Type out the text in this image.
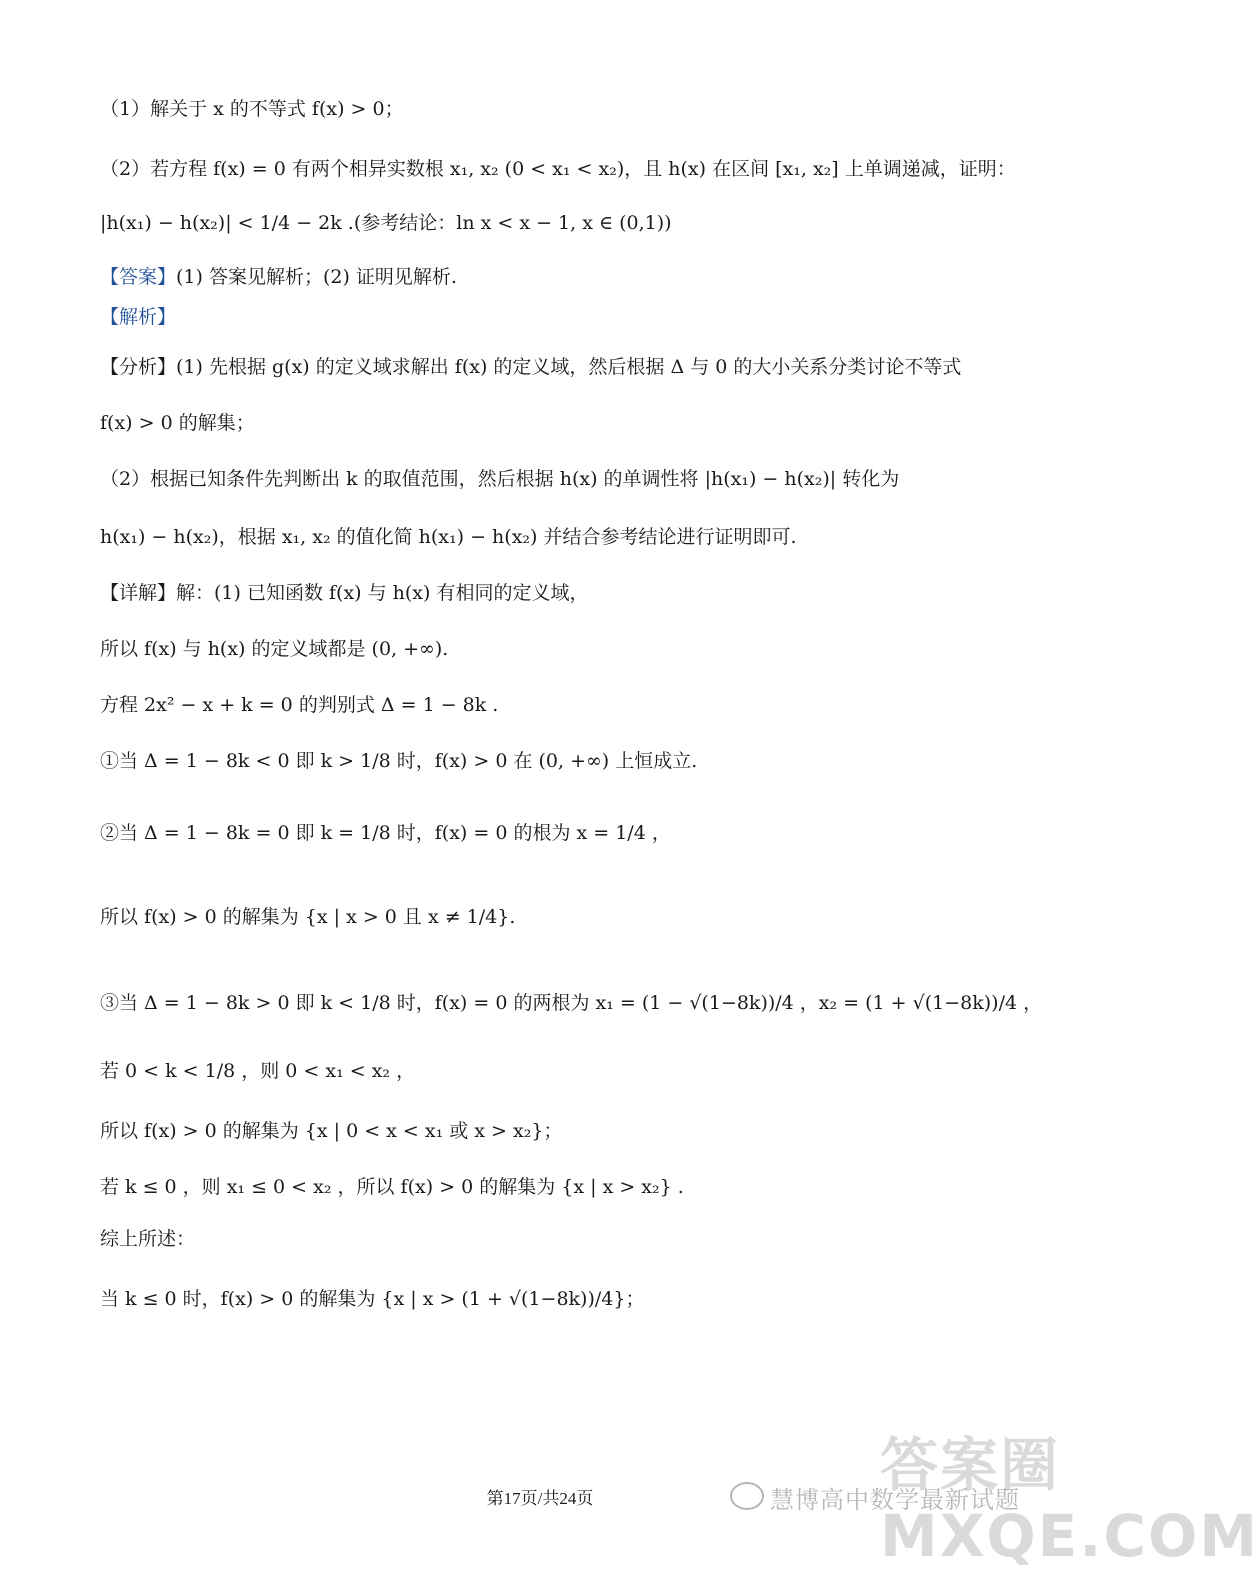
（1）解关于 x 的不等式 f(x) > 0；
（2）若方程 f(x) = 0 有两个相异实数根 x₁, x₂ (0 < x₁ < x₂)，且 h(x) 在区间 [x₁, x₂] 上单调递减，证明：
|h(x₁) − h(x₂)| < 1/4 − 2k .(参考结论：ln x < x − 1, x ∈ (0,1))
【答案】(1) 答案见解析；(2) 证明见解析.
【解析】
【分析】(1) 先根据 g(x) 的定义域求解出 f(x) 的定义域，然后根据 Δ 与 0 的大小关系分类讨论不等式
f(x) > 0 的解集；
（2）根据已知条件先判断出 k 的取值范围，然后根据 h(x) 的单调性将 |h(x₁) − h(x₂)| 转化为
h(x₁) − h(x₂)，根据 x₁, x₂ 的值化简 h(x₁) − h(x₂) 并结合参考结论进行证明即可.
【详解】解：(1) 已知函数 f(x) 与 h(x) 有相同的定义域，
所以 f(x) 与 h(x) 的定义域都是 (0, +∞).
方程 2x² − x + k = 0 的判别式 Δ = 1 − 8k .
①当 Δ = 1 − 8k < 0 即 k > 1/8 时，f(x) > 0 在 (0, +∞) 上恒成立.
②当 Δ = 1 − 8k = 0 即 k = 1/8 时，f(x) = 0 的根为 x = 1/4 ，
所以 f(x) > 0 的解集为 {x | x > 0 且 x ≠ 1/4}.
③当 Δ = 1 − 8k > 0 即 k < 1/8 时，f(x) = 0 的两根为 x₁ = (1 − √(1−8k))/4 ，x₂ = (1 + √(1−8k))/4 ，
若 0 < k < 1/8 ，则 0 < x₁ < x₂ ，
所以 f(x) > 0 的解集为 {x | 0 < x < x₁ 或 x > x₂}；
若 k ≤ 0 ，则 x₁ ≤ 0 < x₂ ，所以 f(x) > 0 的解集为 {x | x > x₂} .
综上所述：
当 k ≤ 0 时，f(x) > 0 的解集为 {x | x > (1 + √(1−8k))/4}；
慧博高中数学最新试题
答案圈 MXQE.COM
第17页/共24页
